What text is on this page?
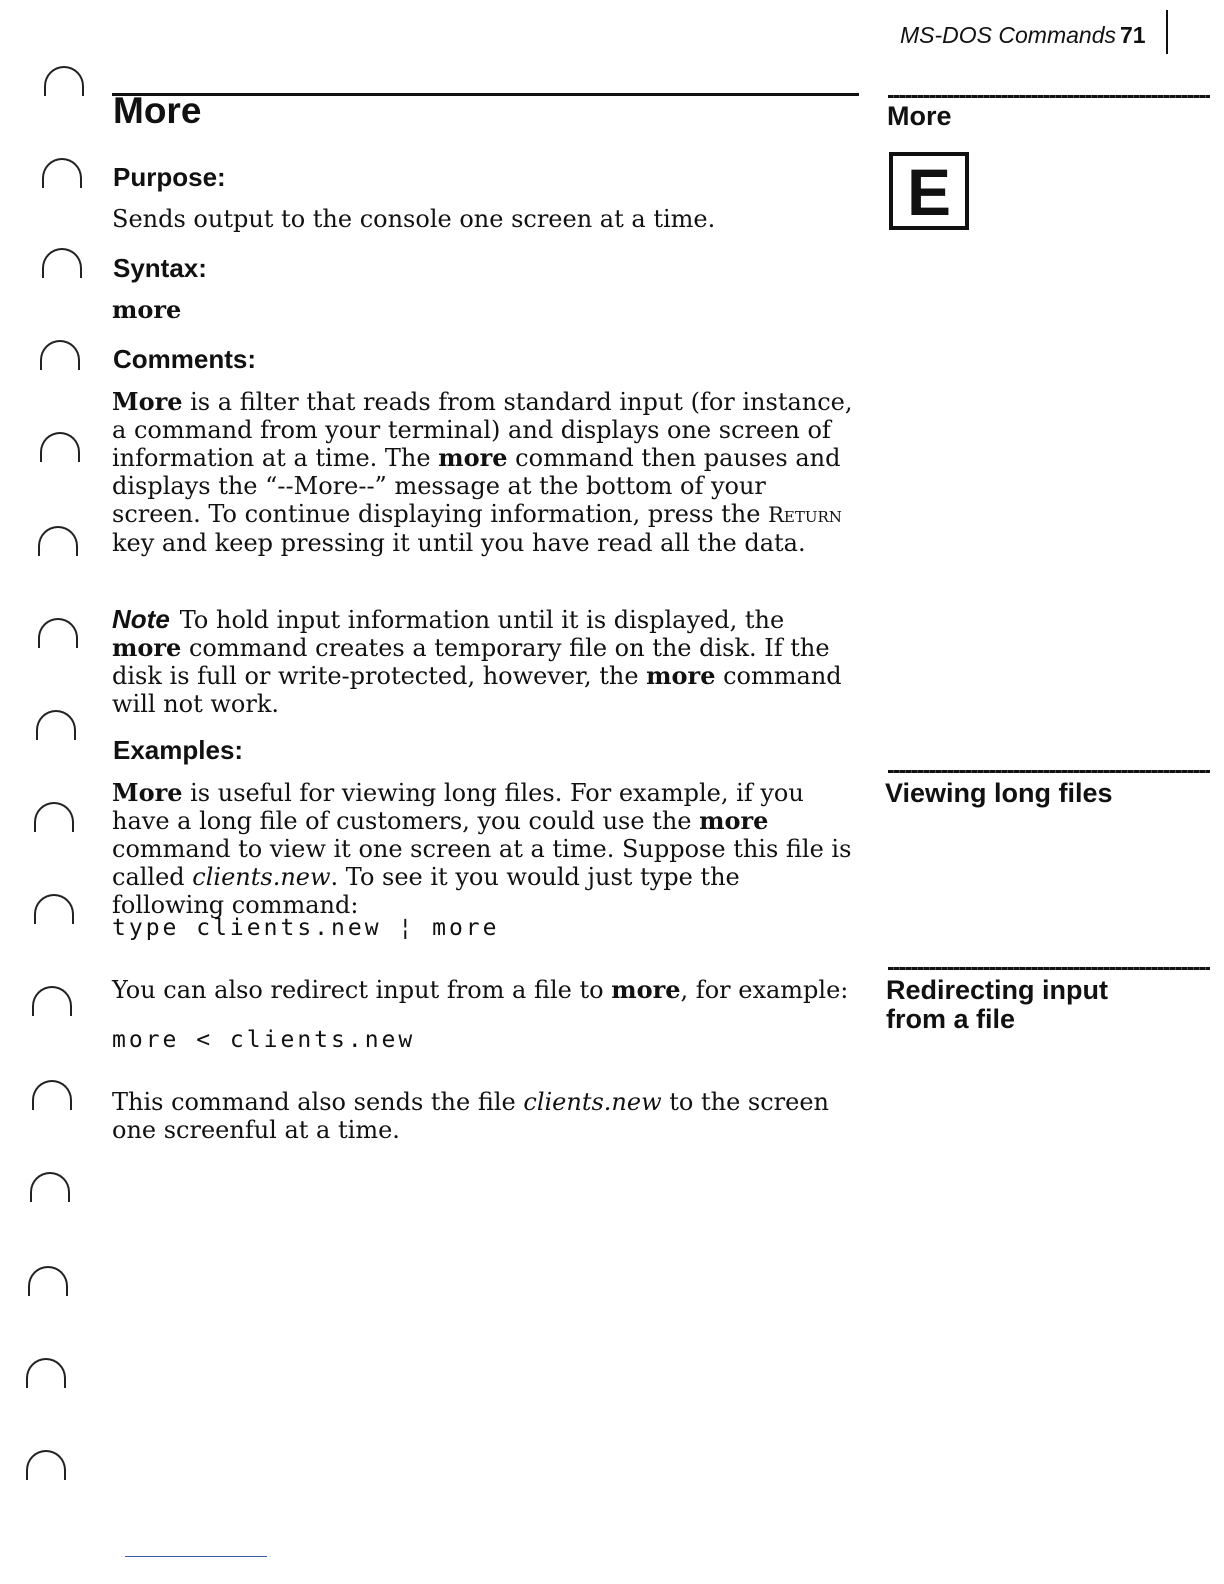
MS-DOS Commands 71
More
Purpose:
Sends output to the console one screen at a time.
Syntax:
more
Comments:
More is a filter that reads from standard input (for instance, a command from your terminal) and displays one screen of information at a time. The more command then pauses and displays the “--More--” message at the bottom of your screen. To continue displaying information, press the Return key and keep pressing it until you have read all the data.
Note To hold input information until it is displayed, the more command creates a temporary file on the disk. If the disk is full or write-protected, however, the more command will not work.
Examples:
More is useful for viewing long files. For example, if you have a long file of customers, you could use the more command to view it one screen at a time. Suppose this file is called clients.new. To see it you would just type the following command:
type clients.new ¦ more
You can also redirect input from a file to more, for example:
more < clients.new
This command also sends the file clients.new to the screen one screenful at a time.
More
E
Viewing long files
Redirecting input
from a file
